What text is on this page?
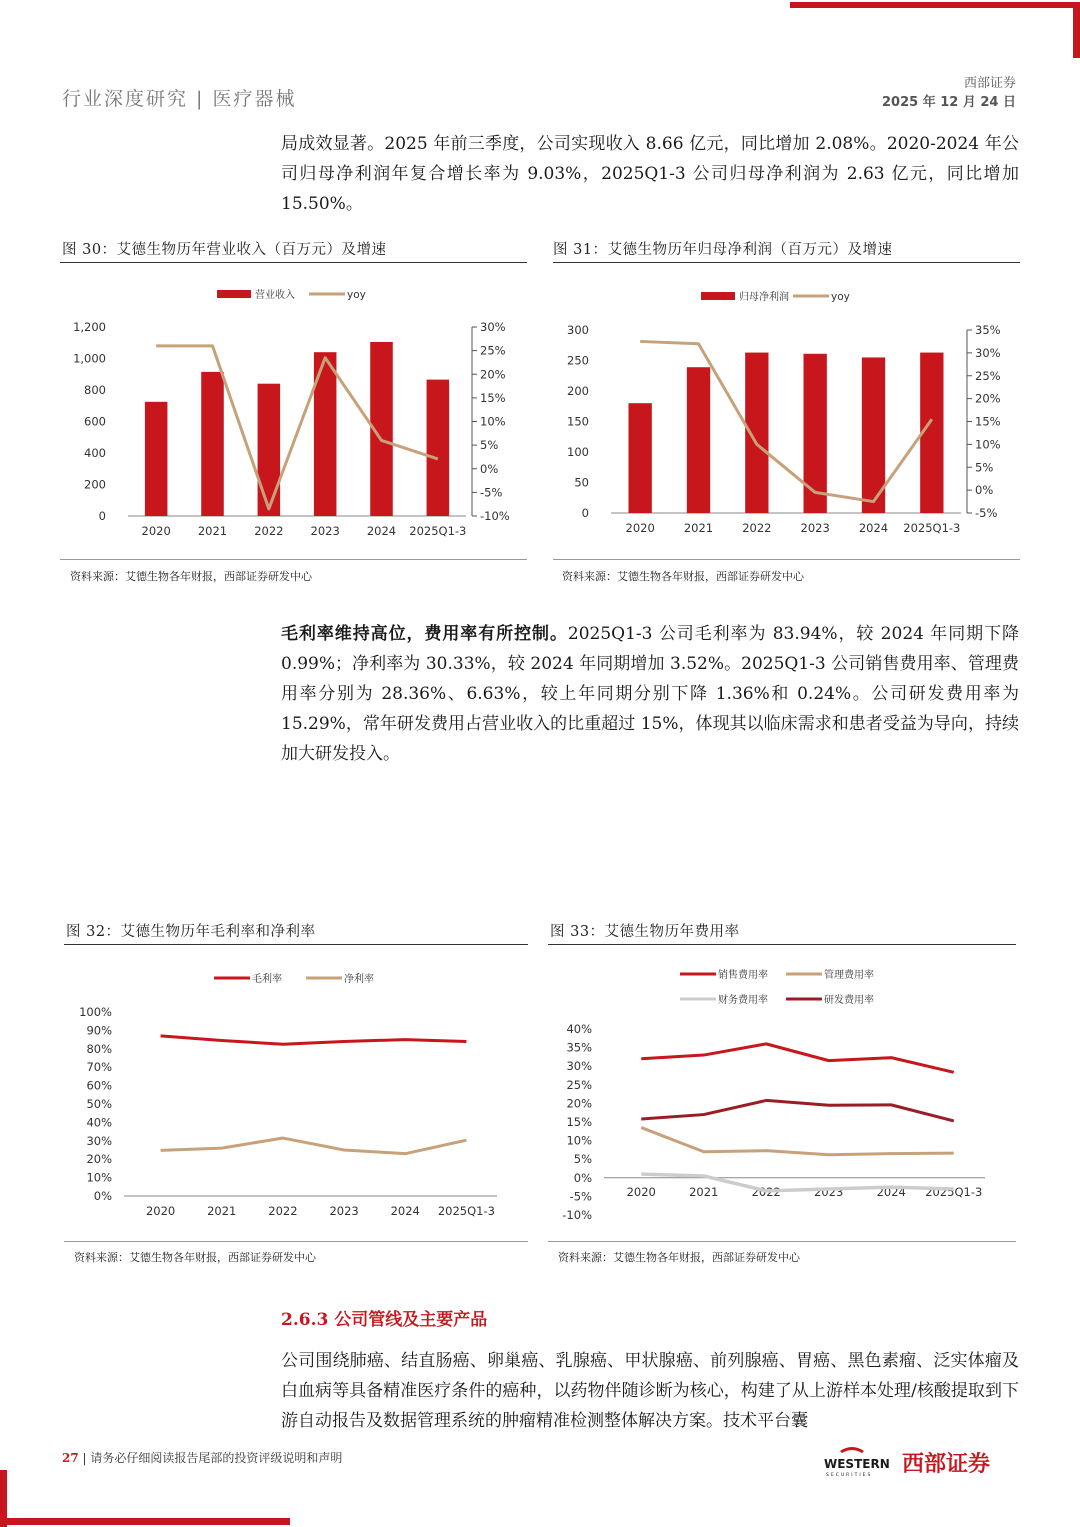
行业深度研究 | 医疗器械
西部证券
2025 年 12 月 24 日
局成效显著。2025 年前三季度，公司实现收入 8.66 亿元，同比增加 2.08%。2020-2024 年公司归母净利润年复合增长率为 9.03%，2025Q1-3 公司归母净利润为 2.63 亿元，同比增加 15.50%。
图 30：艾德生物历年营业收入（百万元）及增速
营业收入	yoy
0
200
400
600
800
1,000
1,200
-10%
-5%
0%
5%
10%
15%
20%
25%
30%
2020 2021 2022 2023 2024 2025Q1-3
资料来源：艾德生物各年财报，西部证券研发中心
图 31：艾德生物历年归母净利润（百万元）及增速
归母净利润	yoy
0
50
100
150
200
250
300
-5%
0%
5%
10%
15%
20%
25%
30%
35%
2020	2021	2022	2023	2024 2025Q1-3
资料来源：艾德生物各年财报，西部证券研发中心
毛利率维持高位，费用率有所控制。2025Q1-3 公司毛利率为 83.94%，较 2024 年同期下降 0.99%；净利率为 30.33%，较 2024 年同期增加 3.52%。2025Q1-3 公司销售费用率、管理费用率分别为 28.36%、6.63%，较上年同期分别下降 1.36%和 0.24%。公司研发费用率为 15.29%，常年研发费用占营业收入的比重超过 15%，体现其以临床需求和患者受益为导向，持续加大研发投入。
图 32：艾德生物历年毛利率和净利率
毛利率	净利率
0%
10%
20%
30%
40%
50%
60%
70%
80%
90%
100%
2020	2021	2022	2023	2024 2025Q1-3
资料来源：艾德生物各年财报，西部证券研发中心
图 33：艾德生物历年费用率
销售费用率	管理费用率
财务费用率	研发费用率
-10%
-5%
0%
5%
10%
15%
20%
25%
30%
35%
40%
2020	2021	2022	2023	2024 2025Q1-3
资料来源：艾德生物各年财报，西部证券研发中心
2.6.3 公司管线及主要产品
公司围绕肺癌、结直肠癌、卵巢癌、乳腺癌、甲状腺癌、前列腺癌、胃癌、黑色素瘤、泛实体瘤及白血病等具备精准医疗条件的癌种，以药物伴随诊断为核心，构建了从上游样本处理/核酸提取到下游自动报告及数据管理系统的肿瘤精准检测整体解决方案。技术平台囊
27 | 请务必仔细阅读报告尾部的投资评级说明和声明	WESTERN
SECURITIES 西部证券
